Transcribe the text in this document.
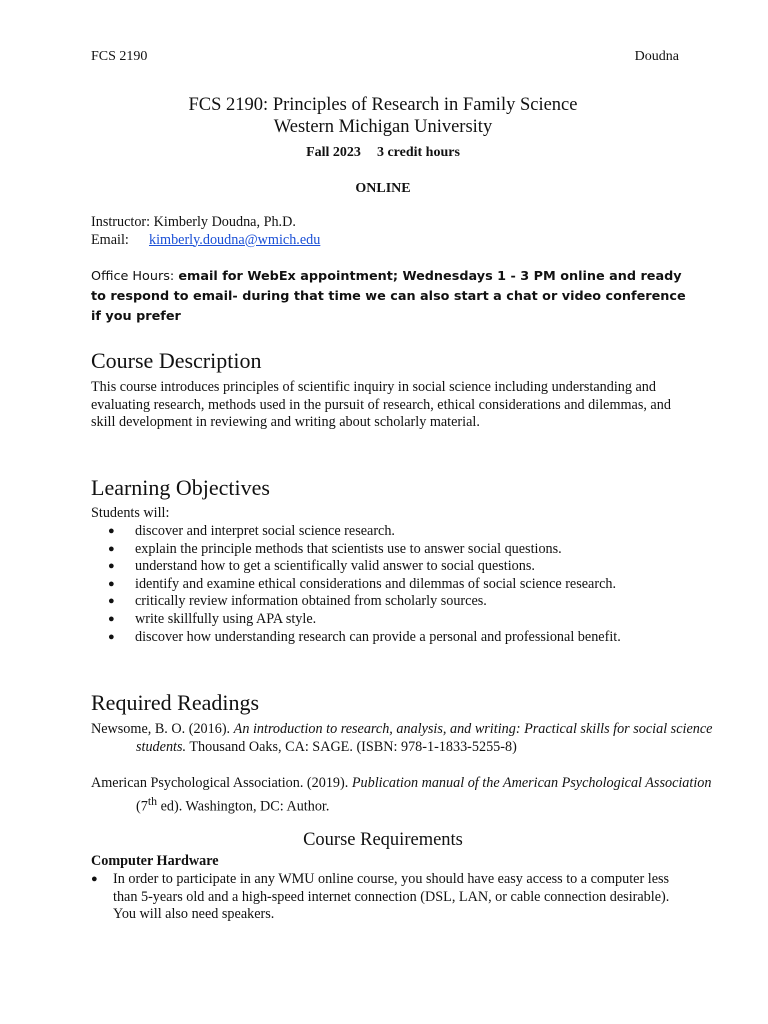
FCS 2190	Doudna
FCS 2190: Principles of Research in Family Science
Western Michigan University
Fall 2023 3 credit hours
ONLINE
Instructor: Kimberly Doudna, Ph.D.
Email:	kimberly.doudna@wmich.edu
Office Hours: email for WebEx appointment; Wednesdays 1 - 3 PM online and ready to respond to email- during that time we can also start a chat or video conference if you prefer
Course Description
This course introduces principles of scientific inquiry in social science including understanding and evaluating research, methods used in the pursuit of research, ethical considerations and dilemmas, and skill development in reviewing and writing about scholarly material.
Learning Objectives
Students will:
●	discover and interpret social science research.
●	explain the principle methods that scientists use to answer social questions.
●	understand how to get a scientifically valid answer to social questions.
●	identify and examine ethical considerations and dilemmas of social science research.
●	critically review information obtained from scholarly sources.
●	write skillfully using APA style.
●	discover how understanding research can provide a personal and professional benefit.
Required Readings
Newsome, B. O. (2016). An introduction to research, analysis, and writing: Practical skills for social science students. Thousand Oaks, CA: SAGE. (ISBN: 978-1-1833-5255-8)
American Psychological Association. (2019). Publication manual of the American Psychological Association (7th ed). Washington, DC: Author.
Course Requirements
Computer Hardware
●	In order to participate in any WMU online course, you should have easy access to a computer less than 5-years old and a high-speed internet connection (DSL, LAN, or cable connection desirable). You will also need speakers.
